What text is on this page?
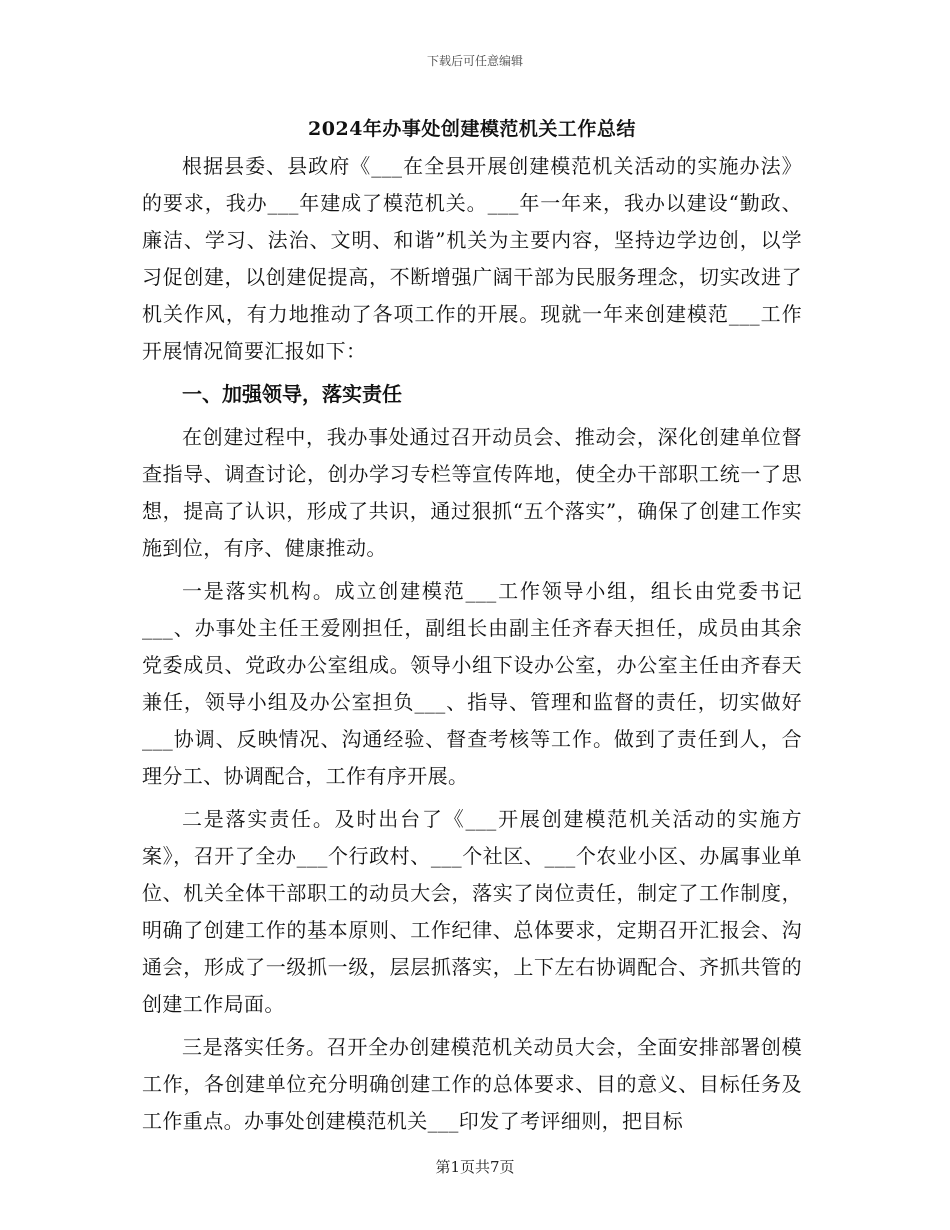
下载后可任意编辑
2024年办事处创建模范机关工作总结

根据县委、县政府《___在全县开展创建模范机关活动的实施办法》的要求，我办___年建成了模范机关。___年一年来，我办以建设“勤政、廉洁、学习、法治、文明、和谐”机关为主要内容，坚持边学边创，以学习促创建，以创建促提高，不断增强广阔干部为民服务理念，切实改进了机关作风，有力地推动了各项工作的开展。现就一年来创建模范___工作开展情况简要汇报如下：

一、加强领导，落实责任

在创建过程中，我办事处通过召开动员会、推动会，深化创建单位督查指导、调查讨论，创办学习专栏等宣传阵地，使全办干部职工统一了思想，提高了认识，形成了共识，通过狠抓“五个落实”，确保了创建工作实施到位，有序、健康推动。

一是落实机构。成立创建模范___工作领导小组，组长由党委书记___、办事处主任王爱刚担任，副组长由副主任齐春天担任，成员由其余党委成员、党政办公室组成。领导小组下设办公室，办公室主任由齐春天兼任，领导小组及办公室担负___、指导、管理和监督的责任，切实做好___协调、反映情况、沟通经验、督查考核等工作。做到了责任到人，合理分工、协调配合，工作有序开展。

二是落实责任。及时出台了《___开展创建模范机关活动的实施方案》，召开了全办___个行政村、___个社区、___个农业小区、办属事业单位、机关全体干部职工的动员大会，落实了岗位责任，制定了工作制度，明确了创建工作的基本原则、工作纪律、总体要求，定期召开汇报会、沟通会，形成了一级抓一级，层层抓落实，上下左右协调配合、齐抓共管的创建工作局面。

三是落实任务。召开全办创建模范机关动员大会，全面安排部署创模工作，各创建单位充分明确创建工作的总体要求、目的意义、目标任务及工作重点。办事处创建模范机关___印发了考评细则，把目标

第1页共7页
